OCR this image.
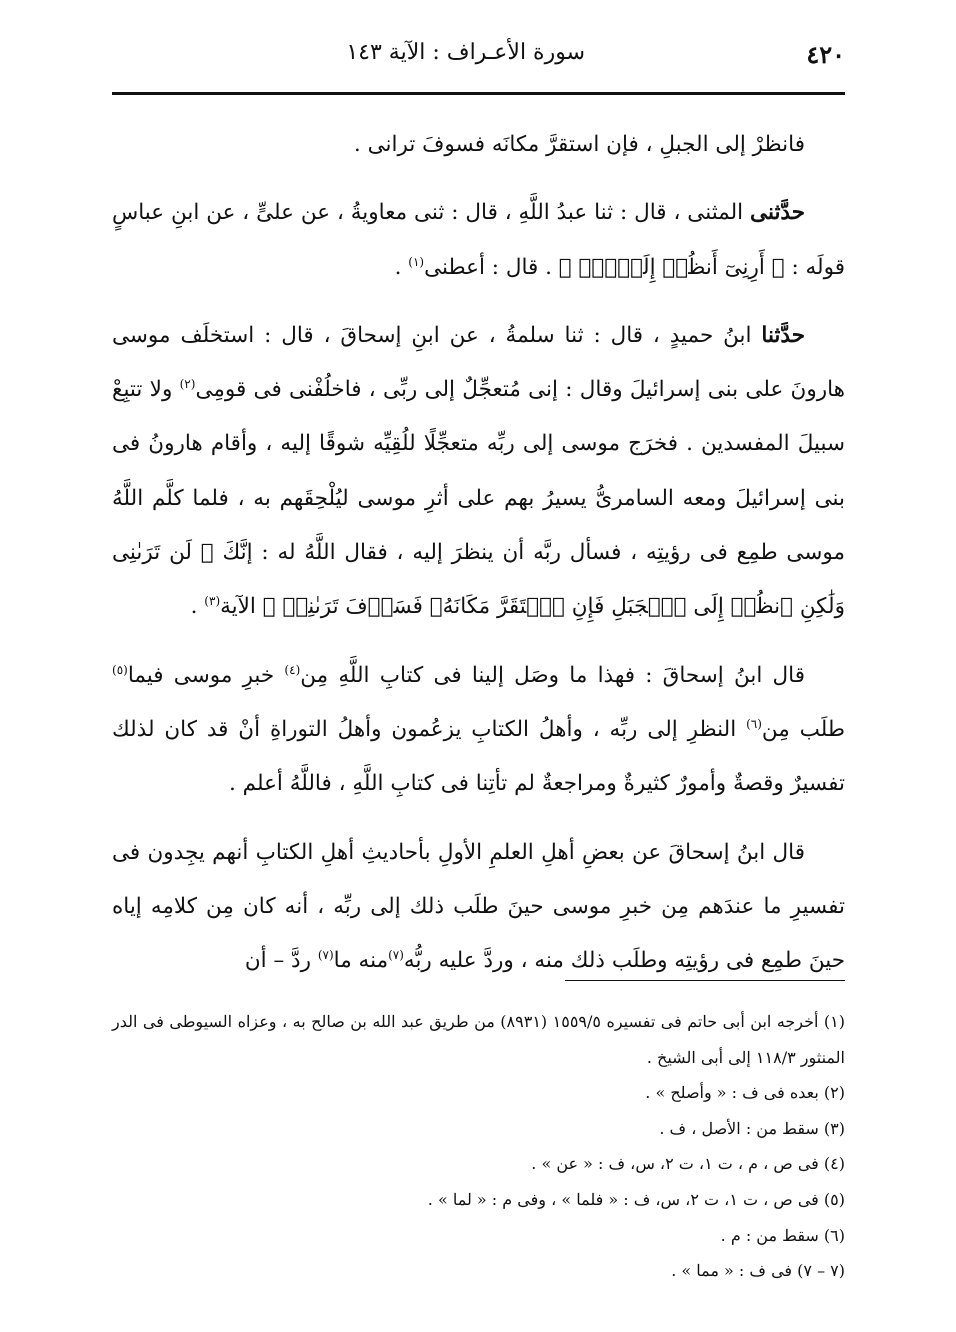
٤٢٠
سورة الأعـراف : الآية ١٤٣

فانظرْ إلى الجبلِ ، فإن استقرَّ مكانَه فسوفَ ترانى .

حدَّثنى المثنى ، قال : ثنا عبدُ اللَّهِ ، قال : ثنى معاويةُ ، عن علىٍّ ، عن ابنِ عباسٍ قولَه : ﴿ أَرِنِىٓ أَنظُرۡ إِلَيۡكَۚ ﴾ . قال : أعطنى$^{(١)}$ .

حدَّثنا ابنُ حميدٍ ، قال : ثنا سلمةُ ، عن ابنِ إسحاقَ ، قال : استخلَف موسى هارونَ على بنى إسرائيلَ وقال : إنى مُتعجِّلٌ إلى ربِّى ، فاخلُفْنى فى قومِى$^{(٢)}$ ولا تتبِعْ سبيلَ المفسدين . فخرَج موسى إلى ربِّه متعجِّلًا للُقِيِّه شوقًا إليه ، وأقام هارونُ فى بنى إسرائيلَ ومعه السامرىُّ يسيرُ بهم على أثرِ موسى ليُلْحِقَهم به ، فلما كلَّم اللَّهُ موسى طمِع فى رؤيتِه ، فسأل ربَّه أن ينظرَ إليه ، فقال اللَّهُ له : إنَّكَ ﴿ لَن تَرَىٰنِى وَلَٰكِنِ ٱنظُرۡ إِلَى ٱلۡجَبَلِ فَإِنِ ٱسۡتَقَرَّ مَكَانَهُۥ فَسَوۡفَ تَرَىٰنِىۚ ﴾ الآية$^{(٣)}$ .

قال ابنُ إسحاقَ : فهذا ما وصَل إلينا فى كتابِ اللَّهِ مِن$^{(٤)}$ خبرِ موسى فيما$^{(٥)}$ طلَب مِن$^{(٦)}$ النظرِ إلى ربِّه ، وأهلُ الكتابِ يزعُمون وأهلُ التوراةِ أنْ قد كان لذلك تفسيرٌ وقصةٌ وأمورٌ كثيرةٌ ومراجعةٌ لم تأتِنا فى كتابِ اللَّهِ ، فاللَّهُ أعلم .

قال ابنُ إسحاقَ عن بعضِ أهلِ العلمِ الأولِ بأحاديثِ أهلِ الكتابِ أنهم يجِدون فى تفسيرِ ما عندَهم مِن خبرِ موسى حينَ طلَب ذلك إلى ربِّه ، أنه كان مِن كلامِه إياه حينَ طمِع فى رؤيتِه وطلَب ذلك منه ، وردَّ عليه ربُّه$^{(٧)}$منه ما$^{(٧)}$ ردَّ – أن

(١) أخرجه ابن أبى حاتم فى تفسيره ١٥٥٩/٥ (٨٩٣١) من طريق عبد الله بن صالح به ، وعزاه السيوطى فى الدر المنثور ١١٨/٣ إلى أبى الشيخ .

(٢) بعده فى ف : « وأصلح » .

(٣) سقط من : الأصل ، ف .

(٤) فى ص ، م ، ت ١، ت ٢، س، ف : « عن » .

(٥) فى ص ، ت ١، ت ٢، س، ف : « فلما » ، وفى م : « لما » .

(٦) سقط من : م .

(٧ – ٧) فى ف : « مما » .
